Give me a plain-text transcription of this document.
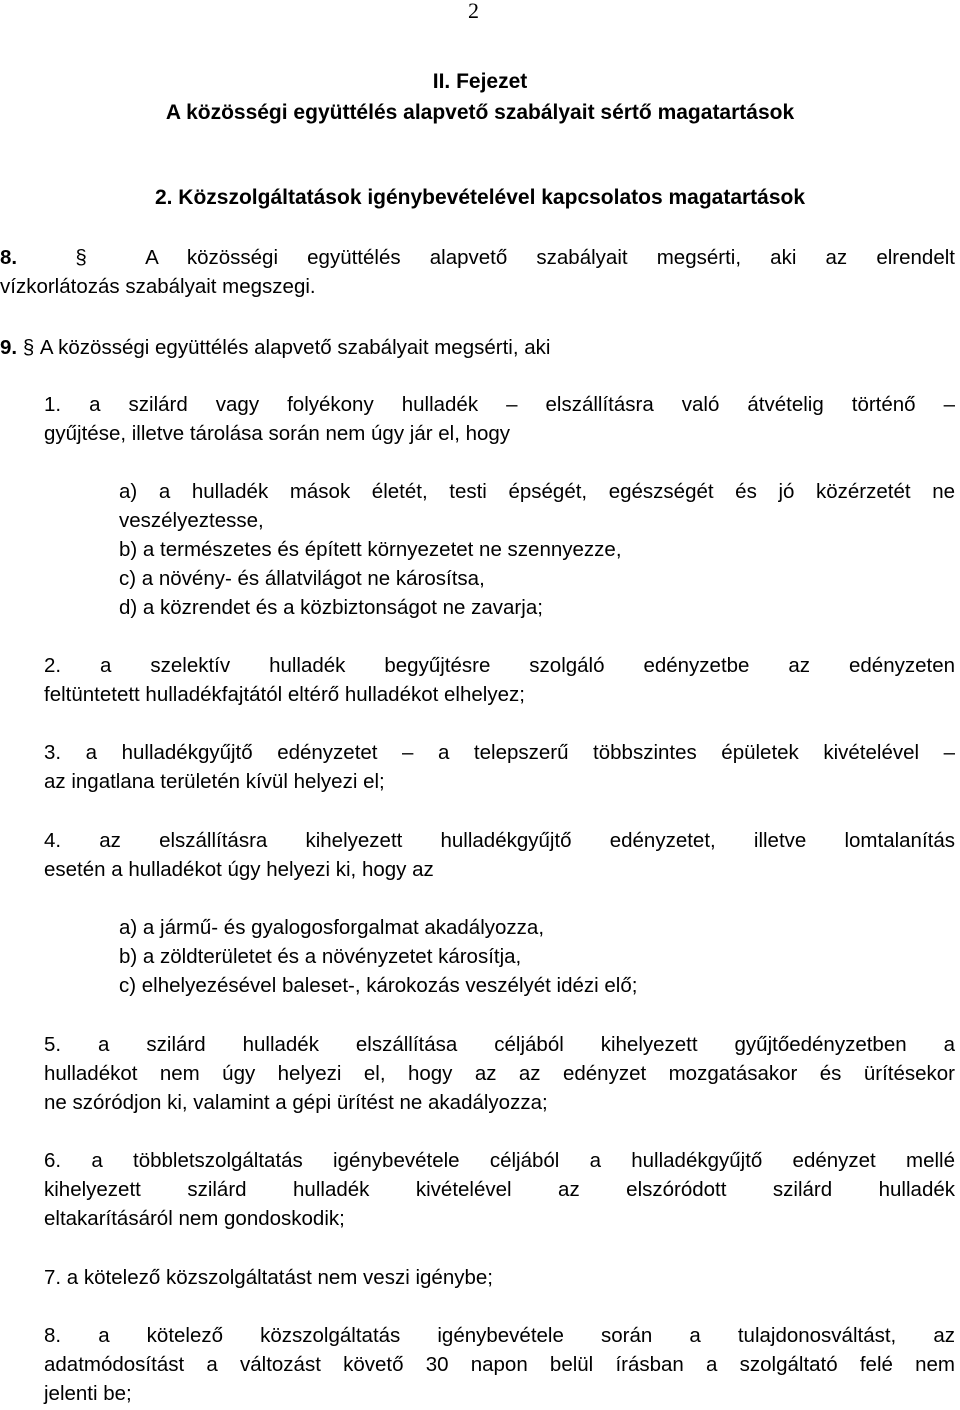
2
II. Fejezet
A közösségi együttélés alapvető szabályait sértő magatartások
2. Közszolgáltatások igénybevételével kapcsolatos magatartások
8.	§	A közösségi együttélés alapvető szabályait megsérti, aki az elrendelt
vízkorlátozás szabályait megszegi.
9. § A közösségi együttélés alapvető szabályait megsérti, aki
1. a szilárd vagy folyékony hulladék – elszállításra való átvételig történő –
gyűjtése, illetve tárolása során nem úgy jár el, hogy
a) a hulladék mások életét, testi épségét, egészségét és jó közérzetét ne
veszélyeztesse,
b) a természetes és épített környezetet ne szennyezze,
c) a növény- és állatvilágot ne károsítsa,
d) a közrendet és a közbiztonságot ne zavarja;
2. a szelektív hulladék begyűjtésre szolgáló edényzetbe az edényzeten
feltüntetett hulladékfajtától eltérő hulladékot elhelyez;
3. a hulladékgyűjtő edényzetet – a telepszerű többszintes épületek kivételével –
az ingatlana területén kívül helyezi el;
4. az elszállításra kihelyezett hulladékgyűjtő edényzetet, illetve lomtalanítás
esetén a hulladékot úgy helyezi ki, hogy az
a) a jármű- és gyalogosforgalmat akadályozza,
b) a zöldterületet és a növényzetet károsítja,
c) elhelyezésével baleset-, károkozás veszélyét idézi elő;
5. a szilárd hulladék elszállítása céljából kihelyezett gyűjtőedényzetben a
hulladékot nem úgy helyezi el, hogy az az edényzet mozgatásakor és ürítésekor
ne szóródjon ki, valamint a gépi ürítést ne akadályozza;
6. a többletszolgáltatás igénybevétele céljából a hulladékgyűjtő edényzet mellé
kihelyezett szilárd hulladék kivételével az elszóródott szilárd hulladék
eltakarításáról nem gondoskodik;
7. a kötelező közszolgáltatást nem veszi igénybe;
8. a kötelező közszolgáltatás igénybevétele során a tulajdonosváltást, az
adatmódosítást a változást követő 30 napon belül írásban a szolgáltató felé nem
jelenti be;
